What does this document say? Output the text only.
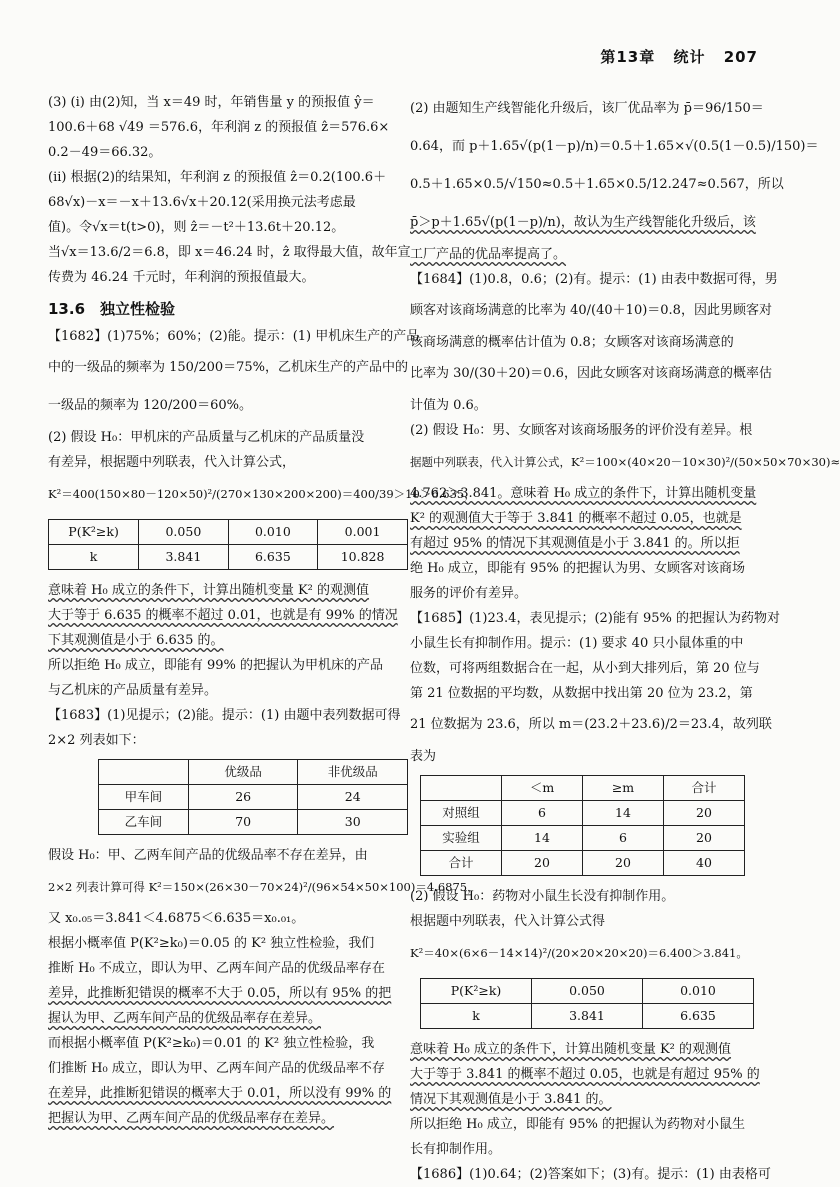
第13章 统计 207
(3) (i) 由(2)知，当 x＝49 时，年销售量 y 的预报值 ŷ＝
100.6＋68 √49 ＝576.6，年利润 z 的预报值 ẑ＝576.6×
0.2－49＝66.32。
(ii) 根据(2)的结果知，年利润 z 的预报值 ẑ＝0.2(100.6＋
68√x)－x＝－x＋13.6√x＋20.12(采用换元法考虑最
值)。令√x＝t(t>0)，则 ẑ＝－t²＋13.6t＋20.12。
当√x＝13.6/2＝6.8，即 x＝46.24 时，ẑ 取得最大值，故年宣
传费为 46.24 千元时，年利润的预报值最大。
13.6　独立性检验
【1682】(1)75%；60%；(2)能。提示：(1) 甲机床生产的产品
中的一级品的频率为 150/200＝75%，乙机床生产的产品中的
一级品的频率为 120/200＝60%。
(2) 假设 H₀：甲机床的产品质量与乙机床的产品质量没
有差异，根据题中列联表，代入计算公式，
K²＝400(150×80－120×50)²/(270×130×200×200)＝400/39＞10＞6.635，
P(K²≥k)	0.050	0.010	0.001
k	3.841	6.635	10.828
意味着 H₀ 成立的条件下，计算出随机变量 K² 的观测值
大于等于 6.635 的概率不超过 0.01，也就是有 99% 的情况
下其观测值是小于 6.635 的。
所以拒绝 H₀ 成立，即能有 99% 的把握认为甲机床的产品
与乙机床的产品质量有差异。
【1683】(1)见提示；(2)能。提示：(1) 由题中表列数据可得
2×2 列表如下：
	优级品	非优级品
甲车间	26	24
乙车间	70	30
假设 H₀：甲、乙两车间产品的优级品率不存在差异，由
2×2 列表计算可得 K²＝150×(26×30－70×24)²/(96×54×50×100)＝4.6875，
又 x₀.₀₅＝3.841＜4.6875＜6.635＝x₀.₀₁。
根据小概率值 P(K²≥k₀)＝0.05 的 K² 独立性检验，我们
推断 H₀ 不成立，即认为甲、乙两车间产品的优级品率存在
差异，此推断犯错误的概率不大于 0.05，所以有 95% 的把
握认为甲、乙两车间产品的优级品率存在差异。
而根据小概率值 P(K²≥k₀)＝0.01 的 K² 独立性检验，我
们推断 H₀ 成立，即认为甲、乙两车间产品的优级品率不存
在差异，此推断犯错误的概率大于 0.01，所以没有 99% 的
把握认为甲、乙两车间产品的优级品率存在差异。
(2) 由题知生产线智能化升级后，该厂优品率为 p̄＝96/150＝
0.64，而 p＋1.65√(p(1－p)/n)＝0.5＋1.65×√(0.5(1－0.5)/150)＝
0.5＋1.65×0.5/√150≈0.5＋1.65×0.5/12.247≈0.567，所以
p̄＞p＋1.65√(p(1－p)/n)，故认为生产线智能化升级后，该
工厂产品的优品率提高了。
【1684】(1)0.8，0.6；(2)有。提示：(1) 由表中数据可得，男
顾客对该商场满意的比率为 40/(40＋10)＝0.8，因此男顾客对
该商场满意的概率估计值为 0.8；女顾客对该商场满意的
比率为 30/(30＋20)＝0.6，因此女顾客对该商场满意的概率估
计值为 0.6。
(2) 假设 H₀：男、女顾客对该商场服务的评价没有差异。根
据题中列联表，代入计算公式，K²＝100×(40×20－10×30)²/(50×50×70×30)≈
4.762＞3.841。意味着 H₀ 成立的条件下，计算出随机变量
K² 的观测值大于等于 3.841 的概率不超过 0.05，也就是
有超过 95% 的情况下其观测值是小于 3.841 的。所以拒
绝 H₀ 成立，即能有 95% 的把握认为男、女顾客对该商场
服务的评价有差异。
【1685】(1)23.4，表见提示；(2)能有 95% 的把握认为药物对
小鼠生长有抑制作用。提示：(1) 要求 40 只小鼠体重的中
位数，可将两组数据合在一起，从小到大排列后，第 20 位与
第 21 位数据的平均数，从数据中找出第 20 位为 23.2，第
21 位数据为 23.6，所以 m＝(23.2＋23.6)/2＝23.4，故列联
表为
	＜m	≥m	合计
对照组	6	14	20
实验组	14	6	20
合计	20	20	40
(2) 假设 H₀：药物对小鼠生长没有抑制作用。
根据题中列联表，代入计算公式得
K²＝40×(6×6－14×14)²/(20×20×20×20)＝6.400＞3.841。
P(K²≥k)	0.050	0.010
k	3.841	6.635
意味着 H₀ 成立的条件下，计算出随机变量 K² 的观测值
大于等于 3.841 的概率不超过 0.05，也就是有超过 95% 的
情况下其观测值是小于 3.841 的。
所以拒绝 H₀ 成立，即能有 95% 的把握认为药物对小鼠生
长有抑制作用。
【1686】(1)0.64；(2)答案如下；(3)有。提示：(1) 由表格可
